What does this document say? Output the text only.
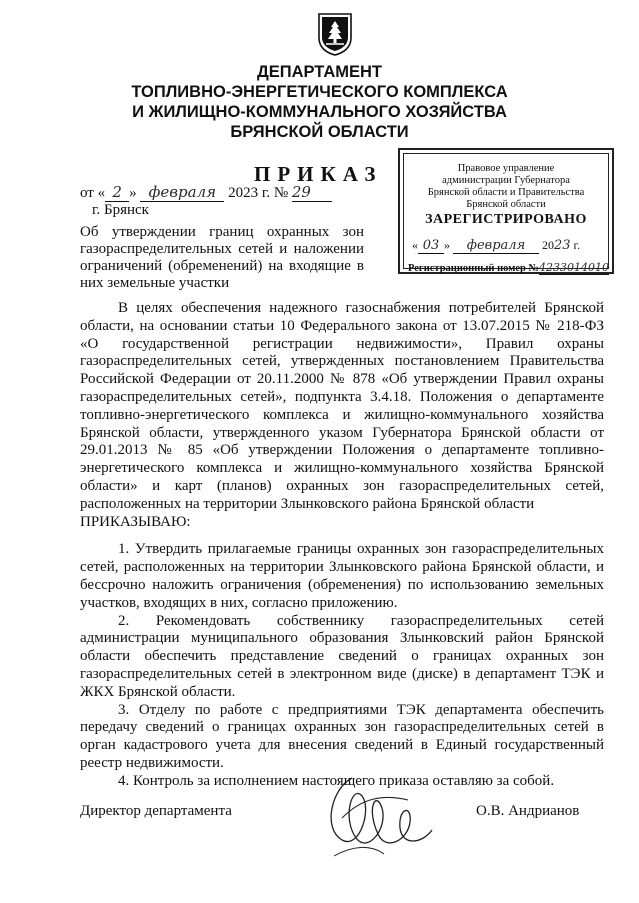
ДЕПАРТАМЕНТ
ТОПЛИВНО-ЭНЕРГЕТИЧЕСКОГО КОМПЛЕКСА
И ЖИЛИЩНО-КОММУНАЛЬНОГО ХОЗЯЙСТВА
БРЯНСКОЙ ОБЛАСТИ
ПРИКАЗ
от « 2 » февраля 2023 г. № 29
г. Брянск
Об утверждении границ охранных зон газораспределительных сетей и наложении ограничений (обременений) на входящие в них земельные участки
Правовое управление
администрации Губернатора
Брянской области и Правительства
Брянской области
ЗАРЕГИСТРИРОВАНО
« 03 » февраля 2023 г.
Регистрационный номер №4233014010

В целях обеспечения надежного газоснабжения потребителей Брянской области, на основании статьи 10 Федерального закона от 13.07.2015 № 218-ФЗ «О государственной регистрации недвижимости», Правил охраны газораспределительных сетей, утвержденных постановлением Правительства Российской Федерации от 20.11.2000 № 878 «Об утверждении Правил охраны газораспределительных сетей», подпункта 3.4.18. Положения о департаменте топливно-энергетического комплекса и жилищно-коммунального хозяйства Брянской области, утвержденного указом Губернатора Брянской области от 29.01.2013 № 85 «Об утверждении Положения о департаменте топливно-энергетического комплекса и жилищно-коммунального хозяйства Брянской области» и карт (планов) охранных зон газораспределительных сетей, расположенных на территории Злынковского района Брянской области

ПРИКАЗЫВАЮ:

1. Утвердить прилагаемые границы охранных зон газораспределительных сетей, расположенных на территории Злынковского района Брянской области, и бессрочно наложить ограничения (обременения) по использованию земельных участков, входящих в них, согласно приложению.

2. Рекомендовать собственнику газораспределительных сетей администрации муниципального образования Злынковский район Брянской области обеспечить представление сведений о границах охранных зон газораспределительных сетей в электронном виде (диске) в департамент ТЭК и ЖКХ Брянской области.

3. Отделу по работе с предприятиями ТЭК департамента обеспечить передачу сведений о границах охранных зон газораспределительных сетей в орган кадастрового учета для внесения сведений в Единый государственный реестр недвижимости.

4. Контроль за исполнением настоящего приказа оставляю за собой.

Директор департамента	О.В. Андрианов
